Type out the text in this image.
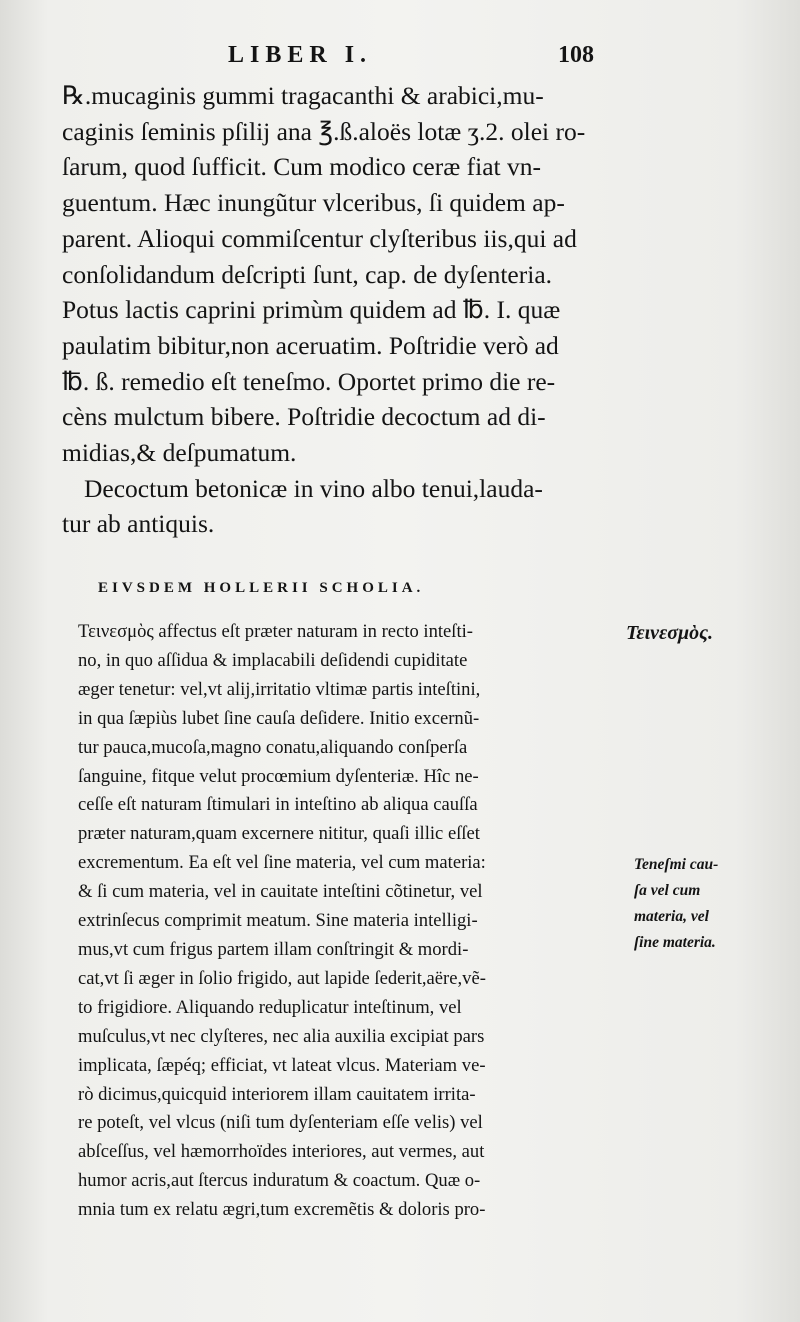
LIBER I.	108
℞.mucaginis gummi tragacanthi & arabici,mu-
caginis ſeminis pſilij ana ℥.ß.aloës lotæ ʒ.2. olei ro-
ſarum, quod ſufficit. Cum modico ceræ fiat vn-
guentum. Hæc inungũtur vlceribus, ſi quidem ap-
parent. Alioqui commiſcentur clyſteribus iis,qui ad
conſolidandum deſcripti ſunt, cap. de dyſenteria.
Potus lactis caprini primùm quidem ad ℔. I. quæ
paulatim bibitur,non aceruatim. Poſtridie verò ad
℔. ß. remedio eſt teneſmo. Oportet primo die re-
cèns mulctum bibere. Poſtridie decoctum ad di-
midias,& deſpumatum.
Decoctum betonicæ in vino albo tenui,lauda-
tur ab antiquis.
EIVSDEM HOLLERII SCHOLIA.
Τεινεσμὸς affectus eſt præter naturam in recto inteſti-
no, in quo aſſidua & implacabili deſidendi cupiditate
æger tenetur: vel,vt alij,irritatio vltimæ partis inteſtini,
in qua ſæpiùs lubet ſine cauſa deſidere. Initio excernũ-
tur pauca,mucoſa,magno conatu,aliquando conſperſa
ſanguine, fitque velut procœmium dyſenteriæ. Hîc ne-
ceſſe eſt naturam ſtimulari in inteſtino ab aliqua cauſſa
præter naturam,quam excernere nititur, quaſi illic eſſet
excrementum. Ea eſt vel ſine materia, vel cum materia:
& ſi cum materia, vel in cauitate inteſtini cõtinetur, vel
extrinſecus comprimit meatum. Sine materia intelligi-
mus,vt cum frigus partem illam conſtringit & mordi-
cat,vt ſi æger in ſolio frigido, aut lapide ſederit,aëre,vẽ-
to frigidiore. Aliquando reduplicatur inteſtinum, vel
muſculus,vt nec clyſteres, nec alia auxilia excipiat pars
implicata, ſæpéq; efficiat, vt lateat vlcus. Materiam ve-
rò dicimus,quicquid interiorem illam cauitatem irrita-
re poteſt, vel vlcus (niſi tum dyſenteriam eſſe velis) vel
abſceſſus, vel hæmorrhoïdes interiores, aut vermes, aut
humor acris,aut ſtercus induratum & coactum. Quæ o-
mnia tum ex relatu ægri,tum excremẽtis & doloris pro-
Τεινεσμὸς.
Teneſmi cau-
ſa vel cum
materia, vel
ſine materia.
